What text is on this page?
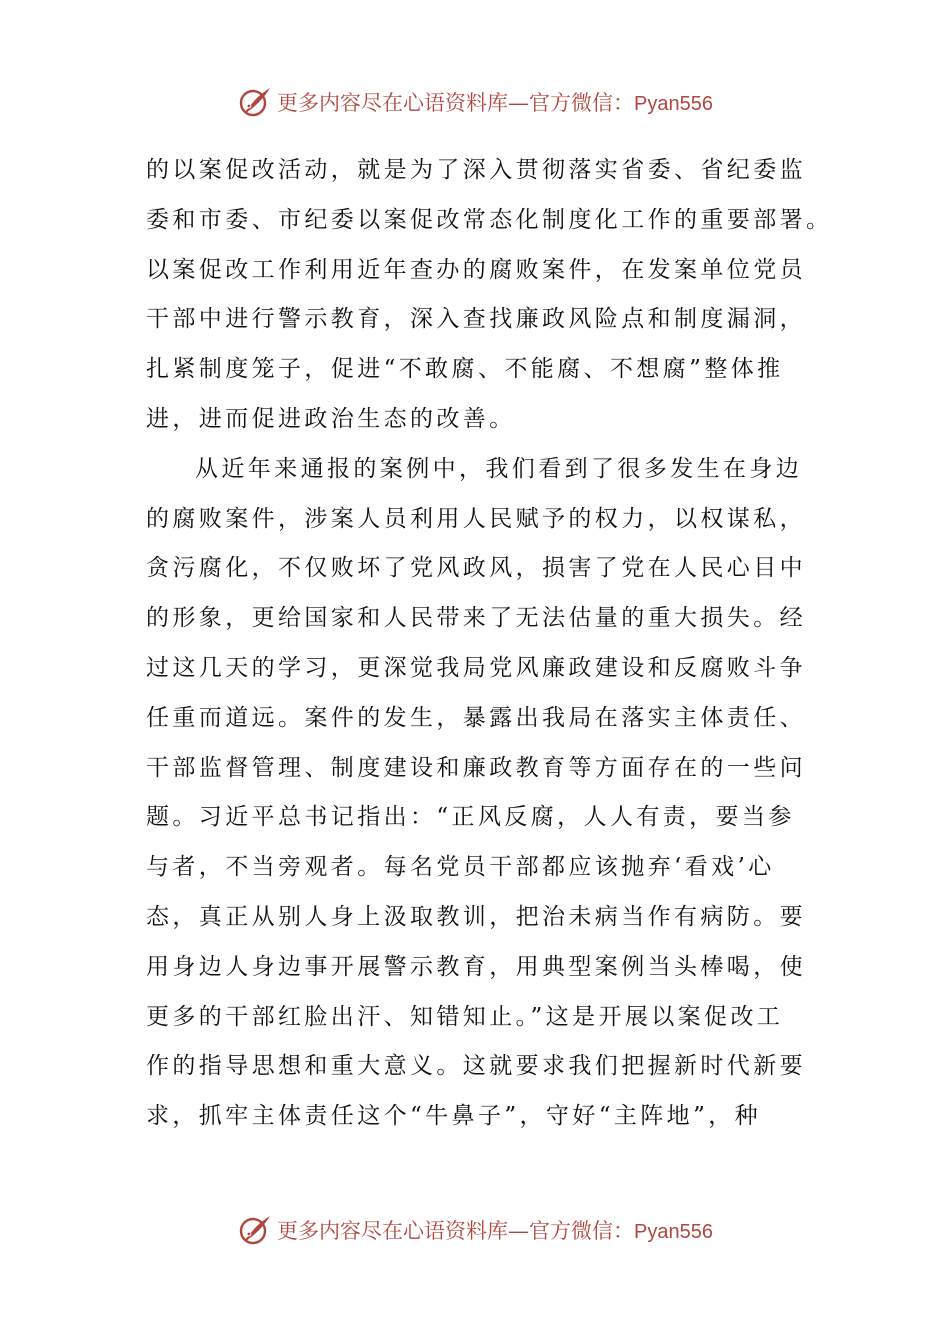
更多内容尽在心语资料库—官方微信：Pyan556
的以案促改活动，就是为了深入贯彻落实省委、省纪委监
委和市委、市纪委以案促改常态化制度化工作的重要部署。
以案促改工作利用近年查办的腐败案件，在发案单位党员
干部中进行警示教育，深入查找廉政风险点和制度漏洞，
扎紧制度笼子，促进“不敢腐、不能腐、不想腐”整体推
进，进而促进政治生态的改善。
从近年来通报的案例中，我们看到了很多发生在身边
的腐败案件，涉案人员利用人民赋予的权力，以权谋私，
贪污腐化，不仅败坏了党风政风，损害了党在人民心目中
的形象，更给国家和人民带来了无法估量的重大损失。经
过这几天的学习，更深觉我局党风廉政建设和反腐败斗争
任重而道远。案件的发生，暴露出我局在落实主体责任、
干部监督管理、制度建设和廉政教育等方面存在的一些问
题。习近平总书记指出：“正风反腐，人人有责，要当参
与者，不当旁观者。每名党员干部都应该抛弃‘看戏’心
态，真正从别人身上汲取教训，把治未病当作有病防。要
用身边人身边事开展警示教育，用典型案例当头棒喝，使
更多的干部红脸出汗、知错知止。”这是开展以案促改工
作的指导思想和重大意义。这就要求我们把握新时代新要
求，抓牢主体责任这个“牛鼻子”，守好“主阵地”，种
更多内容尽在心语资料库—官方微信：Pyan556
